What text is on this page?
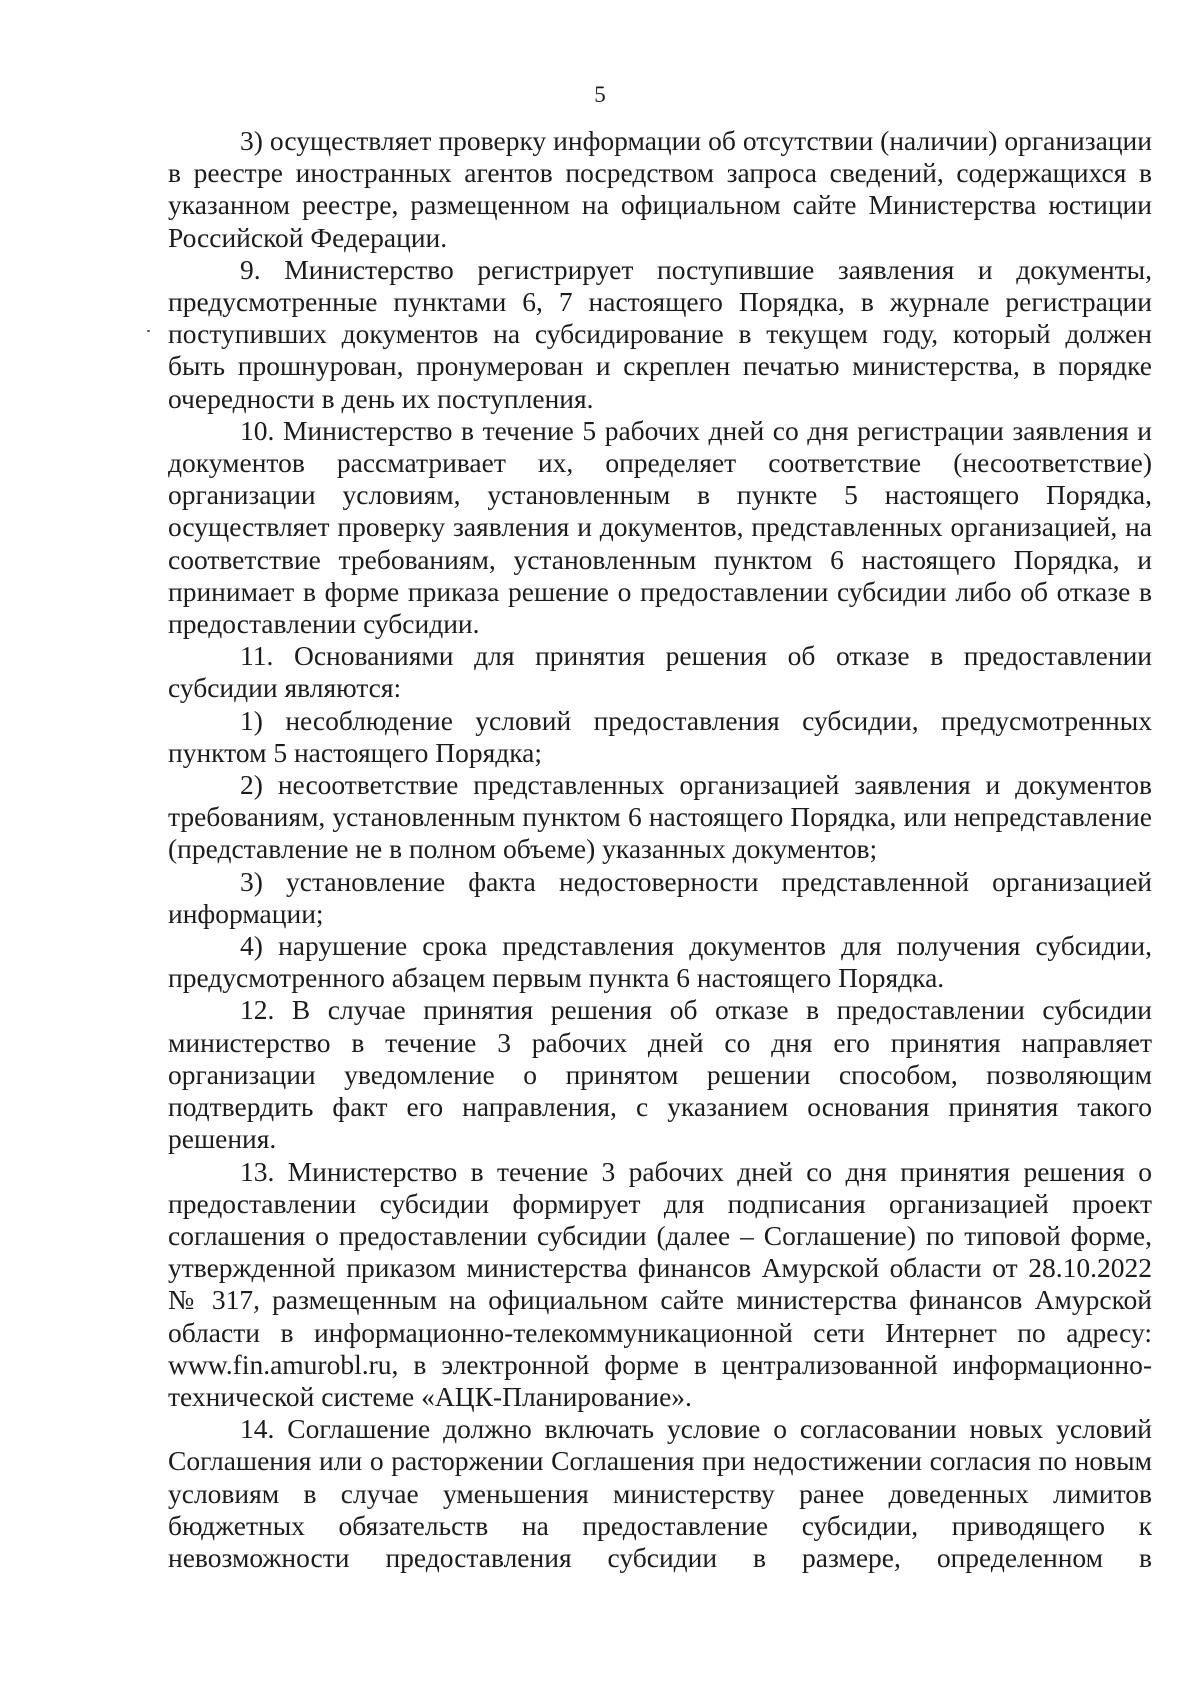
5

3) осуществляет проверку информации об отсутствии (наличии) организации в реестре иностранных агентов посредством запроса сведений, содержащихся в указанном реестре, размещенном на официальном сайте Министерства юстиции Российской Федерации.

9. Министерство регистрирует поступившие заявления и документы, предусмотренные пунктами 6, 7 настоящего Порядка, в журнале регистрации поступивших документов на субсидирование в текущем году, который должен быть прошнурован, пронумерован и скреплен печатью министерства, в порядке очередности в день их поступления.

10. Министерство в течение 5 рабочих дней со дня регистрации заявления и документов рассматривает их, определяет соответствие (несоответствие) организации условиям, установленным в пункте 5 настоящего Порядка, осуществляет проверку заявления и документов, представленных организацией, на соответствие требованиям, установленным пунктом 6 настоящего Порядка, и принимает в форме приказа решение о предоставлении субсидии либо об отказе в предоставлении субсидии.

11. Основаниями для принятия решения об отказе в предоставлении субсидии являются:

1) несоблюдение условий предоставления субсидии, предусмотренных пунктом 5 настоящего Порядка;

2) несоответствие представленных организацией заявления и документов требованиям, установленным пунктом 6 настоящего Порядка, или непредставление (представление не в полном объеме) указанных документов;

3) установление факта недостоверности представленной организацией информации;

4) нарушение срока представления документов для получения субсидии, предусмотренного абзацем первым пункта 6 настоящего Порядка.

12. В случае принятия решения об отказе в предоставлении субсидии министерство в течение 3 рабочих дней со дня его принятия направляет организации уведомление о принятом решении способом, позволяющим подтвердить факт его направления, с указанием основания принятия такого решения.

13. Министерство в течение 3 рабочих дней со дня принятия решения о предоставлении субсидии формирует для подписания организацией проект соглашения о предоставлении субсидии (далее – Соглашение) по типовой форме, утвержденной приказом министерства финансов Амурской области от 28.10.2022 № 317, размещенным на официальном сайте министерства финансов Амурской области в информационно-телекоммуникационной сети Интернет по адресу: www.fin.amurobl.ru, в электронной форме в централизованной информационно-технической системе «АЦК-Планирование».

14. Соглашение должно включать условие о согласовании новых условий Соглашения или о расторжении Соглашения при недостижении согласия по новым условиям в случае уменьшения министерству ранее доведенных лимитов бюджетных обязательств на предоставление субсидии, приводящего к невозможности предоставления субсидии в размере, определенном в
